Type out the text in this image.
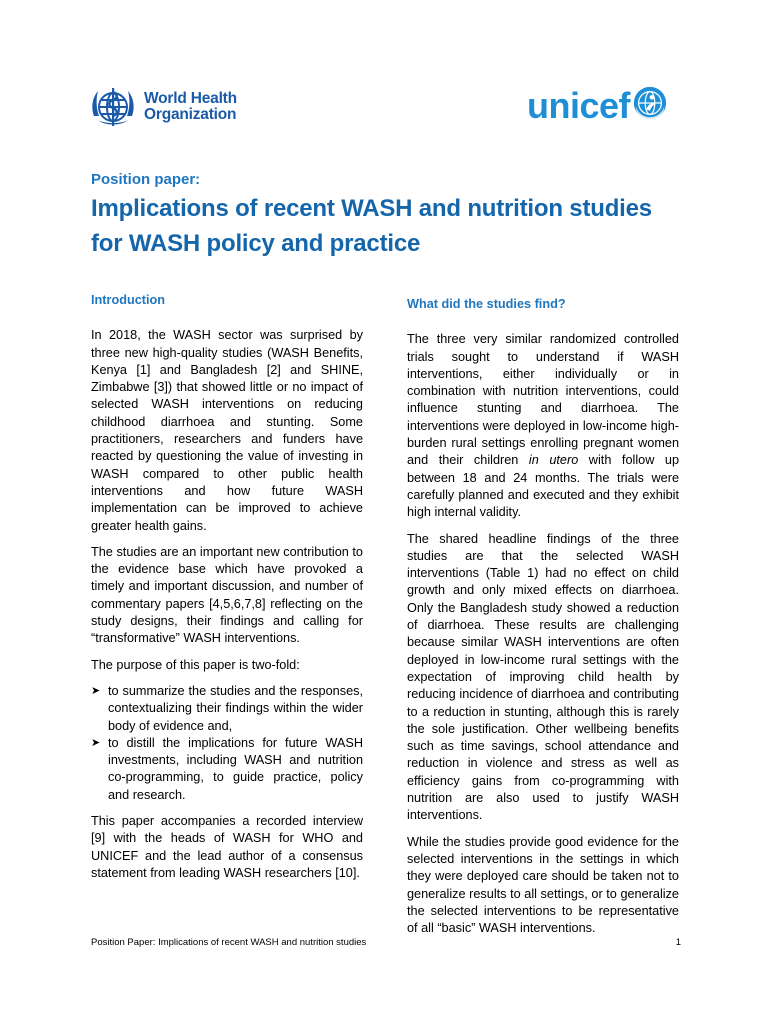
World Health
Organization	unicef
Position paper:
Implications of recent WASH and nutrition studies
for WASH policy and practice
Introduction

In 2018, the WASH sector was surprised by three new high-quality studies (WASH Benefits, Kenya [1] and Bangladesh [2] and SHINE, Zimbabwe [3]) that showed little or no impact of selected WASH interventions on reducing childhood diarrhoea and stunting. Some practitioners, researchers and funders have reacted by questioning the value of investing in WASH compared to other public health interventions and how future WASH implementation can be improved to achieve greater health gains.

The studies are an important new contribution to the evidence base which have provoked a timely and important discussion, and number of commentary papers [4,5,6,7,8] reflecting on the study designs, their findings and calling for “transformative” WASH interventions.

The purpose of this paper is two-fold:

➤ to summarize the studies and the responses, contextualizing their findings within the wider body of evidence and,
➤ to distill the implications for future WASH investments, including WASH and nutrition co-programming, to guide practice, policy and research.

This paper accompanies a recorded interview [9] with the heads of WASH for WHO and UNICEF and the lead author of a consensus statement from leading WASH researchers [10].

What did the studies find?

The three very similar randomized controlled trials sought to understand if WASH interventions, either individually or in combination with nutrition interventions, could influence stunting and diarrhoea. The interventions were deployed in low-income high-burden rural settings enrolling pregnant women and their children in utero with follow up between 18 and 24 months. The trials were carefully planned and executed and they exhibit high internal validity.

The shared headline findings of the three studies are that the selected WASH interventions (Table 1) had no effect on child growth and only mixed effects on diarrhoea. Only the Bangladesh study showed a reduction of diarrhoea. These results are challenging because similar WASH interventions are often deployed in low-income rural settings with the expectation of improving child health by reducing incidence of diarrhoea and contributing to a reduction in stunting, although this is rarely the sole justification. Other wellbeing benefits such as time savings, school attendance and reduction in violence and stress as well as efficiency gains from co-programming with nutrition are also used to justify WASH interventions.

While the studies provide good evidence for the selected interventions in the settings in which they were deployed care should be taken not to generalize results to all settings, or to generalize the selected interventions to be representative of all “basic” WASH interventions.

Position Paper: Implications of recent WASH and nutrition studies	1
